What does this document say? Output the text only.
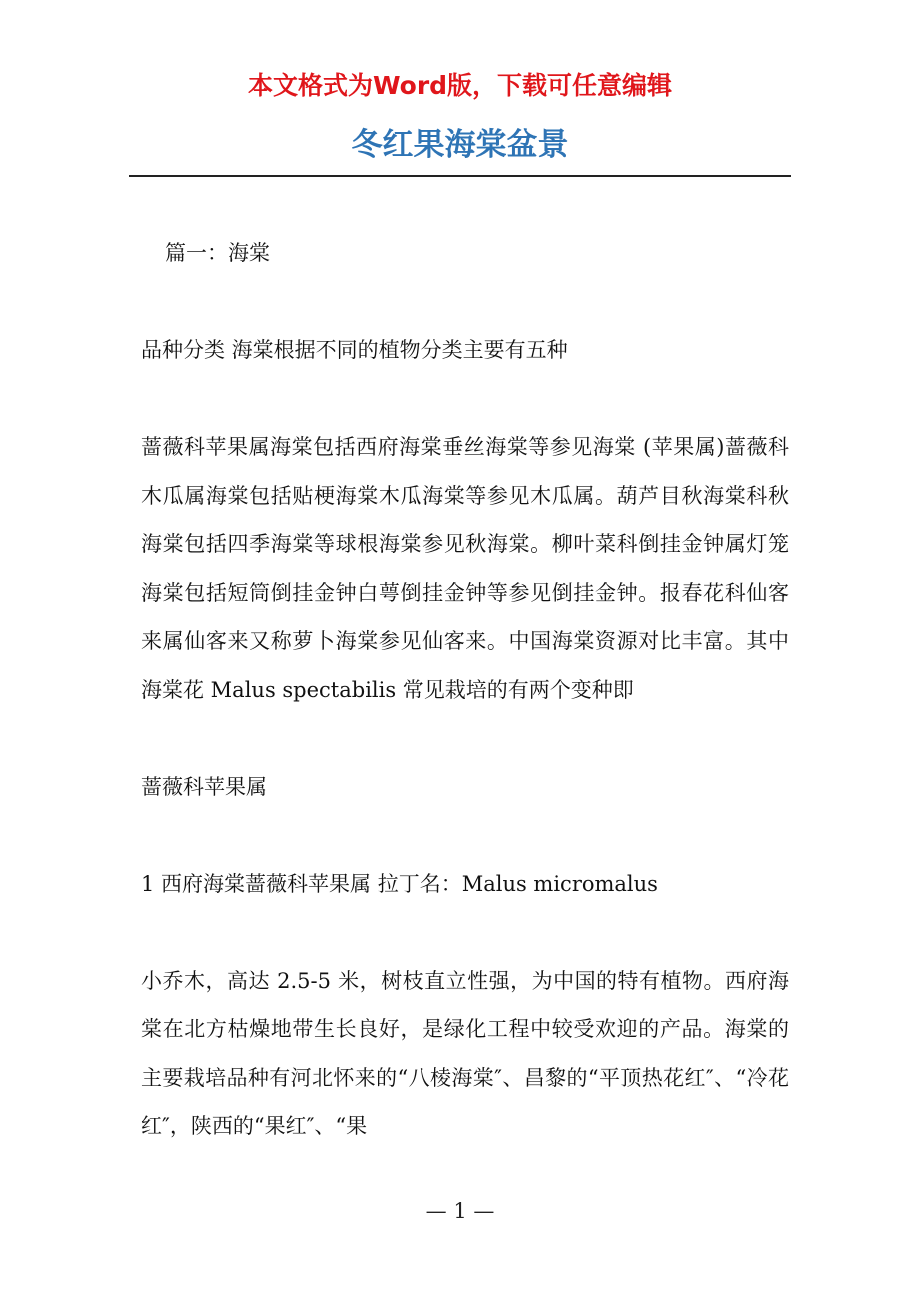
本文格式为Word版，下载可任意编辑
冬红果海棠盆景

篇一：海棠

品种分类 海棠根据不同的植物分类主要有五种

蔷薇科苹果属海棠包括西府海棠垂丝海棠等参见海棠 (苹果属)蔷薇科木瓜属海棠包括贴梗海棠木瓜海棠等参见木瓜属。葫芦目秋海棠科秋海棠包括四季海棠等球根海棠参见秋海棠。柳叶菜科倒挂金钟属灯笼海棠包括短筒倒挂金钟白萼倒挂金钟等参见倒挂金钟。报春花科仙客来属仙客来又称萝卜海棠参见仙客来。中国海棠资源对比丰富。其中海棠花 Malus spectabilis 常见栽培的有两个变种即

蔷薇科苹果属

1 西府海棠蔷薇科苹果属 拉丁名：Malus micromalus

小乔木，高达 2.5-5 米，树枝直立性强，为中国的特有植物。西府海棠在北方枯燥地带生长良好，是绿化工程中较受欢迎的产品。海棠的主要栽培品种有河北怀来的“八棱海棠″、昌黎的“平顶热花红″、“冷花红″，陕西的“果红″、“果

— 1 —
